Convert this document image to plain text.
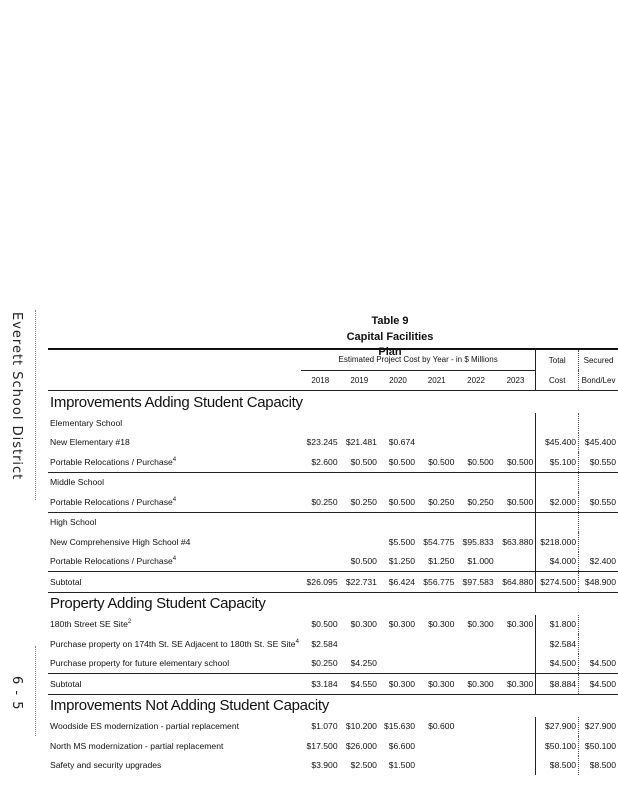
Everett School District
6 - 5
Table 9
Capital Facilities Plan
	Estimated Project Cost by Year - in $ Millions						Total	Secured
	2018	2019	2020	2021	2022	2023	Cost	Bond/Lev
Improvements Adding Student Capacity								
Elementary School								
New Elementary #18	$23.245	$21.481	$0.674				$45.400	$45.400
Portable Relocations / Purchase$^4$	$2.600	$0.500	$0.500	$0.500	$0.500	$0.500	$5.100	$0.550
Middle School								
Portable Relocations / Purchase$^4$	$0.250	$0.250	$0.500	$0.250	$0.250	$0.500	$2.000	$0.550
High School								
New Comprehensive High School #4			$5.500	$54.775	$95.833	$63.880	$218.000	
Portable Relocations / Purchase$^4$		$0.500	$1.250	$1.250	$1.000		$4.000	$2.400
Subtotal	$26.095	$22.731	$6.424	$56.775	$97.583	$64.880	$274.500	$48.900
Property Adding Student Capacity								
180th Street SE Site$^2$	$0.500	$0.300	$0.300	$0.300	$0.300	$0.300	$1.800	
Purchase property on 174th St. SE Adjacent to 180th St. SE Site$^4$	$2.584						$2.584	
Purchase property for future elementary school	$0.250	$4.250					$4.500	$4.500
Subtotal	$3.184	$4.550	$0.300	$0.300	$0.300	$0.300	$8.884	$4.500
Improvements Not Adding Student Capacity								
Woodside ES modernization - partial replacement	$1.070	$10.200	$15.630	$0.600			$27.900	$27.900
North MS modernization - partial replacement	$17.500	$26.000	$6.600				$50.100	$50.100
Safety and security upgrades	$3.900	$2.500	$1.500				$8.500	$8.500
